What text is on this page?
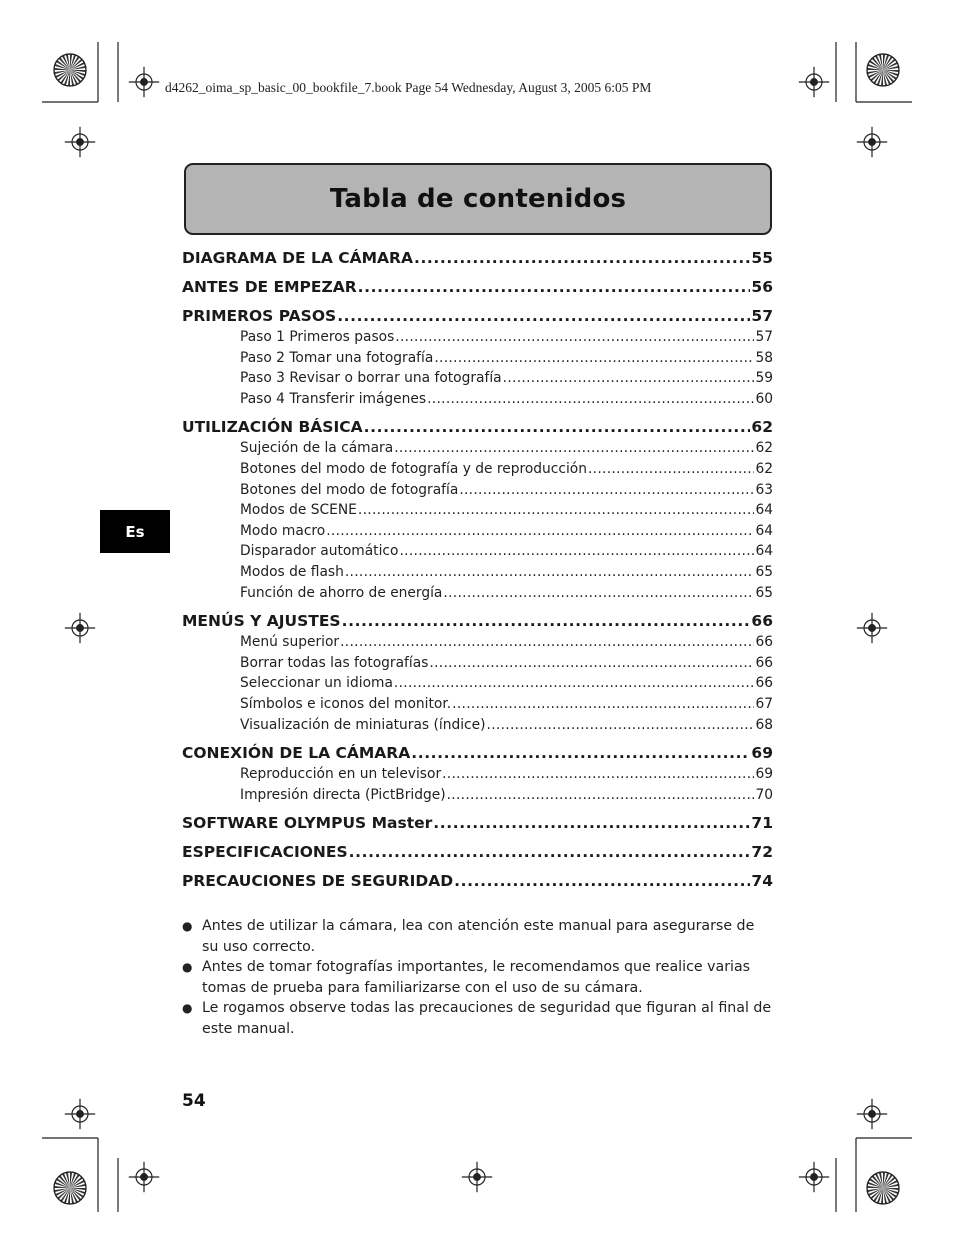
d4262_oima_sp_basic_00_bookfile_7.book Page 54 Wednesday, August 3, 2005 6:05 PM
Tabla de contenidos
DIAGRAMA DE LA CÁMARA .....	55
ANTES DE EMPEZAR .....	56
PRIMEROS PASOS .....	57
Paso 1 Primeros pasos .....	57
Paso 2 Tomar una fotografía .....	58
Paso 3 Revisar o borrar una fotografía .....	59
Paso 4 Transferir imágenes .....	60
UTILIZACIÓN BÁSICA .....	62
Sujeción de la cámara .....	62
Botones del modo de fotografía y de reproducción .....	62
Botones del modo de fotografía .....	63
Modos de SCENE .....	64
Modo macro .....	64
Disparador automático .....	64
Modos de flash .....	65
Función de ahorro de energía .....	65
MENÚS Y AJUSTES .....	66
Menú superior .....	66
Borrar todas las fotografías .....	66
Seleccionar un idioma .....	66
Símbolos e iconos del monitor. .....	67
Visualización de miniaturas (índice) .....	68
CONEXIÓN DE LA CÁMARA .....	69
Reproducción en un televisor .....	69
Impresión directa (PictBridge) .....	70
SOFTWARE OLYMPUS Master .....	71
ESPECIFICACIONES .....	72
PRECAUCIONES DE SEGURIDAD .....	74
● Antes de utilizar la cámara, lea con atención este manual para asegurarse de su uso correcto.
● Antes de tomar fotografías importantes, le recomendamos que realice varias tomas de prueba para familiarizarse con el uso de su cámara.
● Le rogamos observe todas las precauciones de seguridad que figuran al final de este manual.
Es
54
